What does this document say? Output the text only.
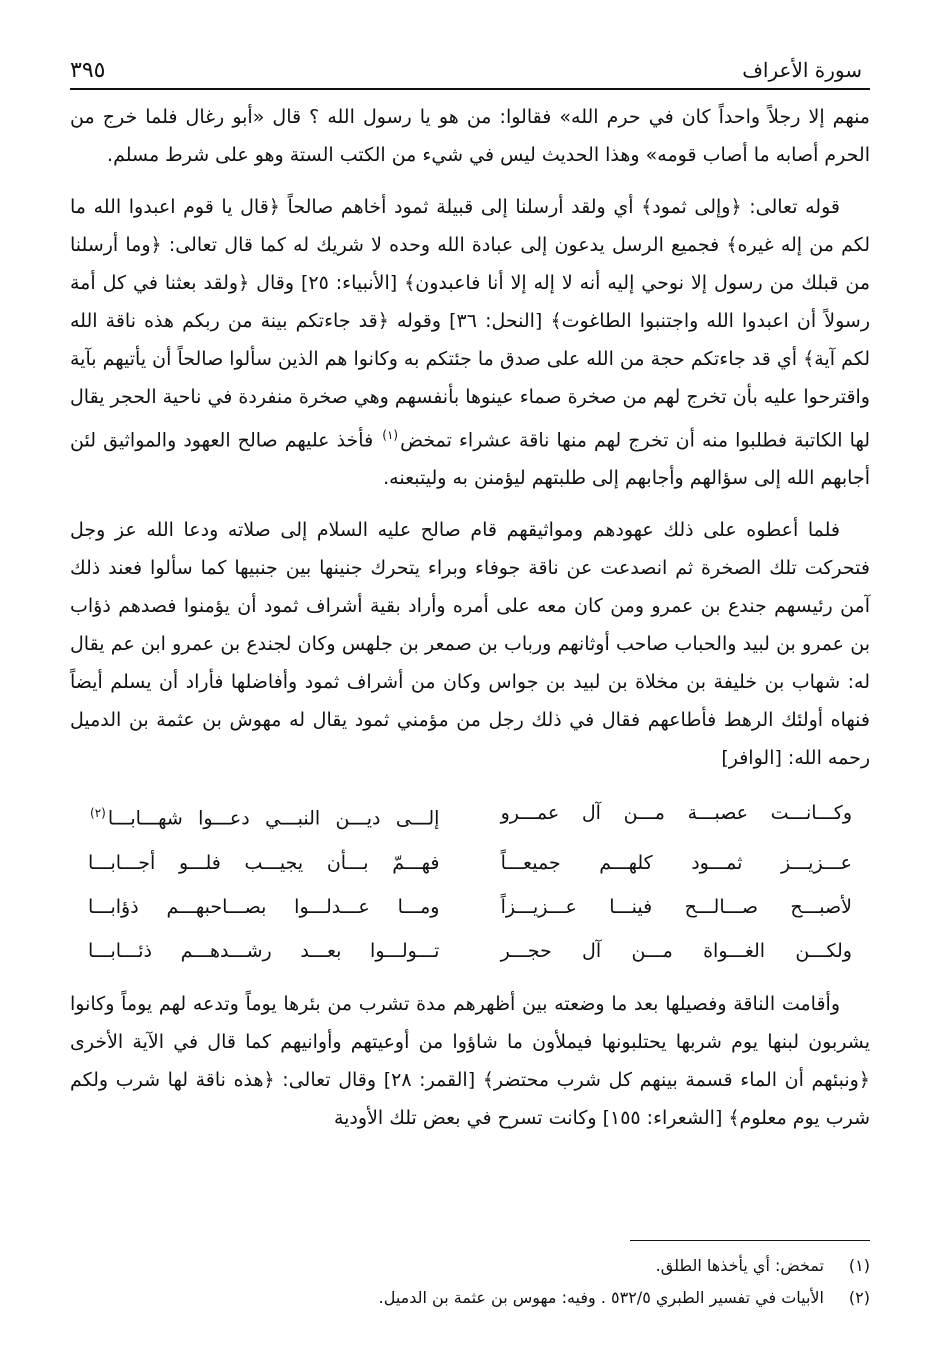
سورة الأعراف
٣٩٥

منهم إلا رجلاً واحداً كان في حرم الله» فقالوا: من هو يا رسول الله ؟ قال «أبو رغال فلما خرج من الحرم أصابه ما أصاب قومه» وهذا الحديث ليس في شيء من الكتب الستة وهو على شرط مسلم.

قوله تعالى: ﴿وإلى ثمود﴾ أي ولقد أرسلنا إلى قبيلة ثمود أخاهم صالحاً ﴿قال يا قوم اعبدوا الله ما لكم من إله غيره﴾ فجميع الرسل يدعون إلى عبادة الله وحده لا شريك له كما قال تعالى: ﴿وما أرسلنا من قبلك من رسول إلا نوحي إليه أنه لا إله إلا أنا فاعبدون﴾ [الأنبياء: ٢٥] وقال ﴿ولقد بعثنا في كل أمة رسولاً أن اعبدوا الله واجتنبوا الطاغوت﴾ [النحل: ٣٦] وقوله ﴿قد جاءتكم بينة من ربكم هذه ناقة الله لكم آية﴾ أي قد جاءتكم حجة من الله على صدق ما جئتكم به وكانوا هم الذين سألوا صالحاً أن يأتيهم بآية واقترحوا عليه بأن تخرج لهم من صخرة صماء عينوها بأنفسهم وهي صخرة منفردة في ناحية الحجر يقال لها الكاتبة فطلبوا منه أن تخرج لهم منها ناقة عشراء تمخض$^{(١)}$ فأخذ عليهم صالح العهود والمواثيق لئن أجابهم الله إلى سؤالهم وأجابهم إلى طلبتهم ليؤمنن به وليتبعنه.

فلما أعطوه على ذلك عهودهم ومواثيقهم قام صالح عليه السلام إلى صلاته ودعا الله عز وجل فتحركت تلك الصخرة ثم انصدعت عن ناقة جوفاء وبراء يتحرك جنينها بين جنبيها كما سألوا فعند ذلك آمن رئيسهم جندع بن عمرو ومن كان معه على أمره وأراد بقية أشراف ثمود أن يؤمنوا فصدهم ذؤاب بن عمرو بن لبيد والحباب صاحب أوثانهم ورباب بن صمعر بن جلهس وكان لجندع بن عمرو ابن عم يقال له: شهاب بن خليفة بن مخلاة بن لبيد بن جواس وكان من أشراف ثمود وأفاضلها فأراد أن يسلم أيضاً فنهاه أولئك الرهط فأطاعهم فقال في ذلك رجل من مؤمني ثمود يقال له مهوش بن عثمة بن الدميل رحمه الله: [الوافر]

وكـــانـــت عصبـــة مـــن آل عمـــرو
إلـــى ديـــن النبـــي دعـــوا شهـــابـــا$^{(٢)}$
عـــزيـــز ثمـــود كلهـــم جميعـــاً
فهـــمّ بـــأن يجيـــب فلـــو أجـــابـــا
لأصبـــح صـــالـــح فينـــا عـــزيـــزاً
ومـــا عـــدلـــوا بصـــاحبهـــم ذؤابـــا
ولكـــن الغـــواة مـــن آل حجـــر
تـــولـــوا بعـــد رشـــدهـــم ذئـــابـــا

وأقامت الناقة وفصيلها بعد ما وضعته بين أظهرهم مدة تشرب من بئرها يوماً وتدعه لهم يوماً وكانوا يشربون لبنها يوم شربها يحتلبونها فيملأون ما شاؤوا من أوعيتهم وأوانيهم كما قال في الآية الأخرى ﴿ونبئهم أن الماء قسمة بينهم كل شرب محتضر﴾ [القمر: ٢٨] وقال تعالى: ﴿هذه ناقة لها شرب ولكم شرب يوم معلوم﴾ [الشعراء: ١٥٥] وكانت تسرح في بعض تلك الأودية

(١)
تمخض: أي يأخذها الطلق.
(٢)
الأبيات في تفسير الطبري ٥٣٢/٥ . وفيه: مهوس بن عثمة بن الدميل.
